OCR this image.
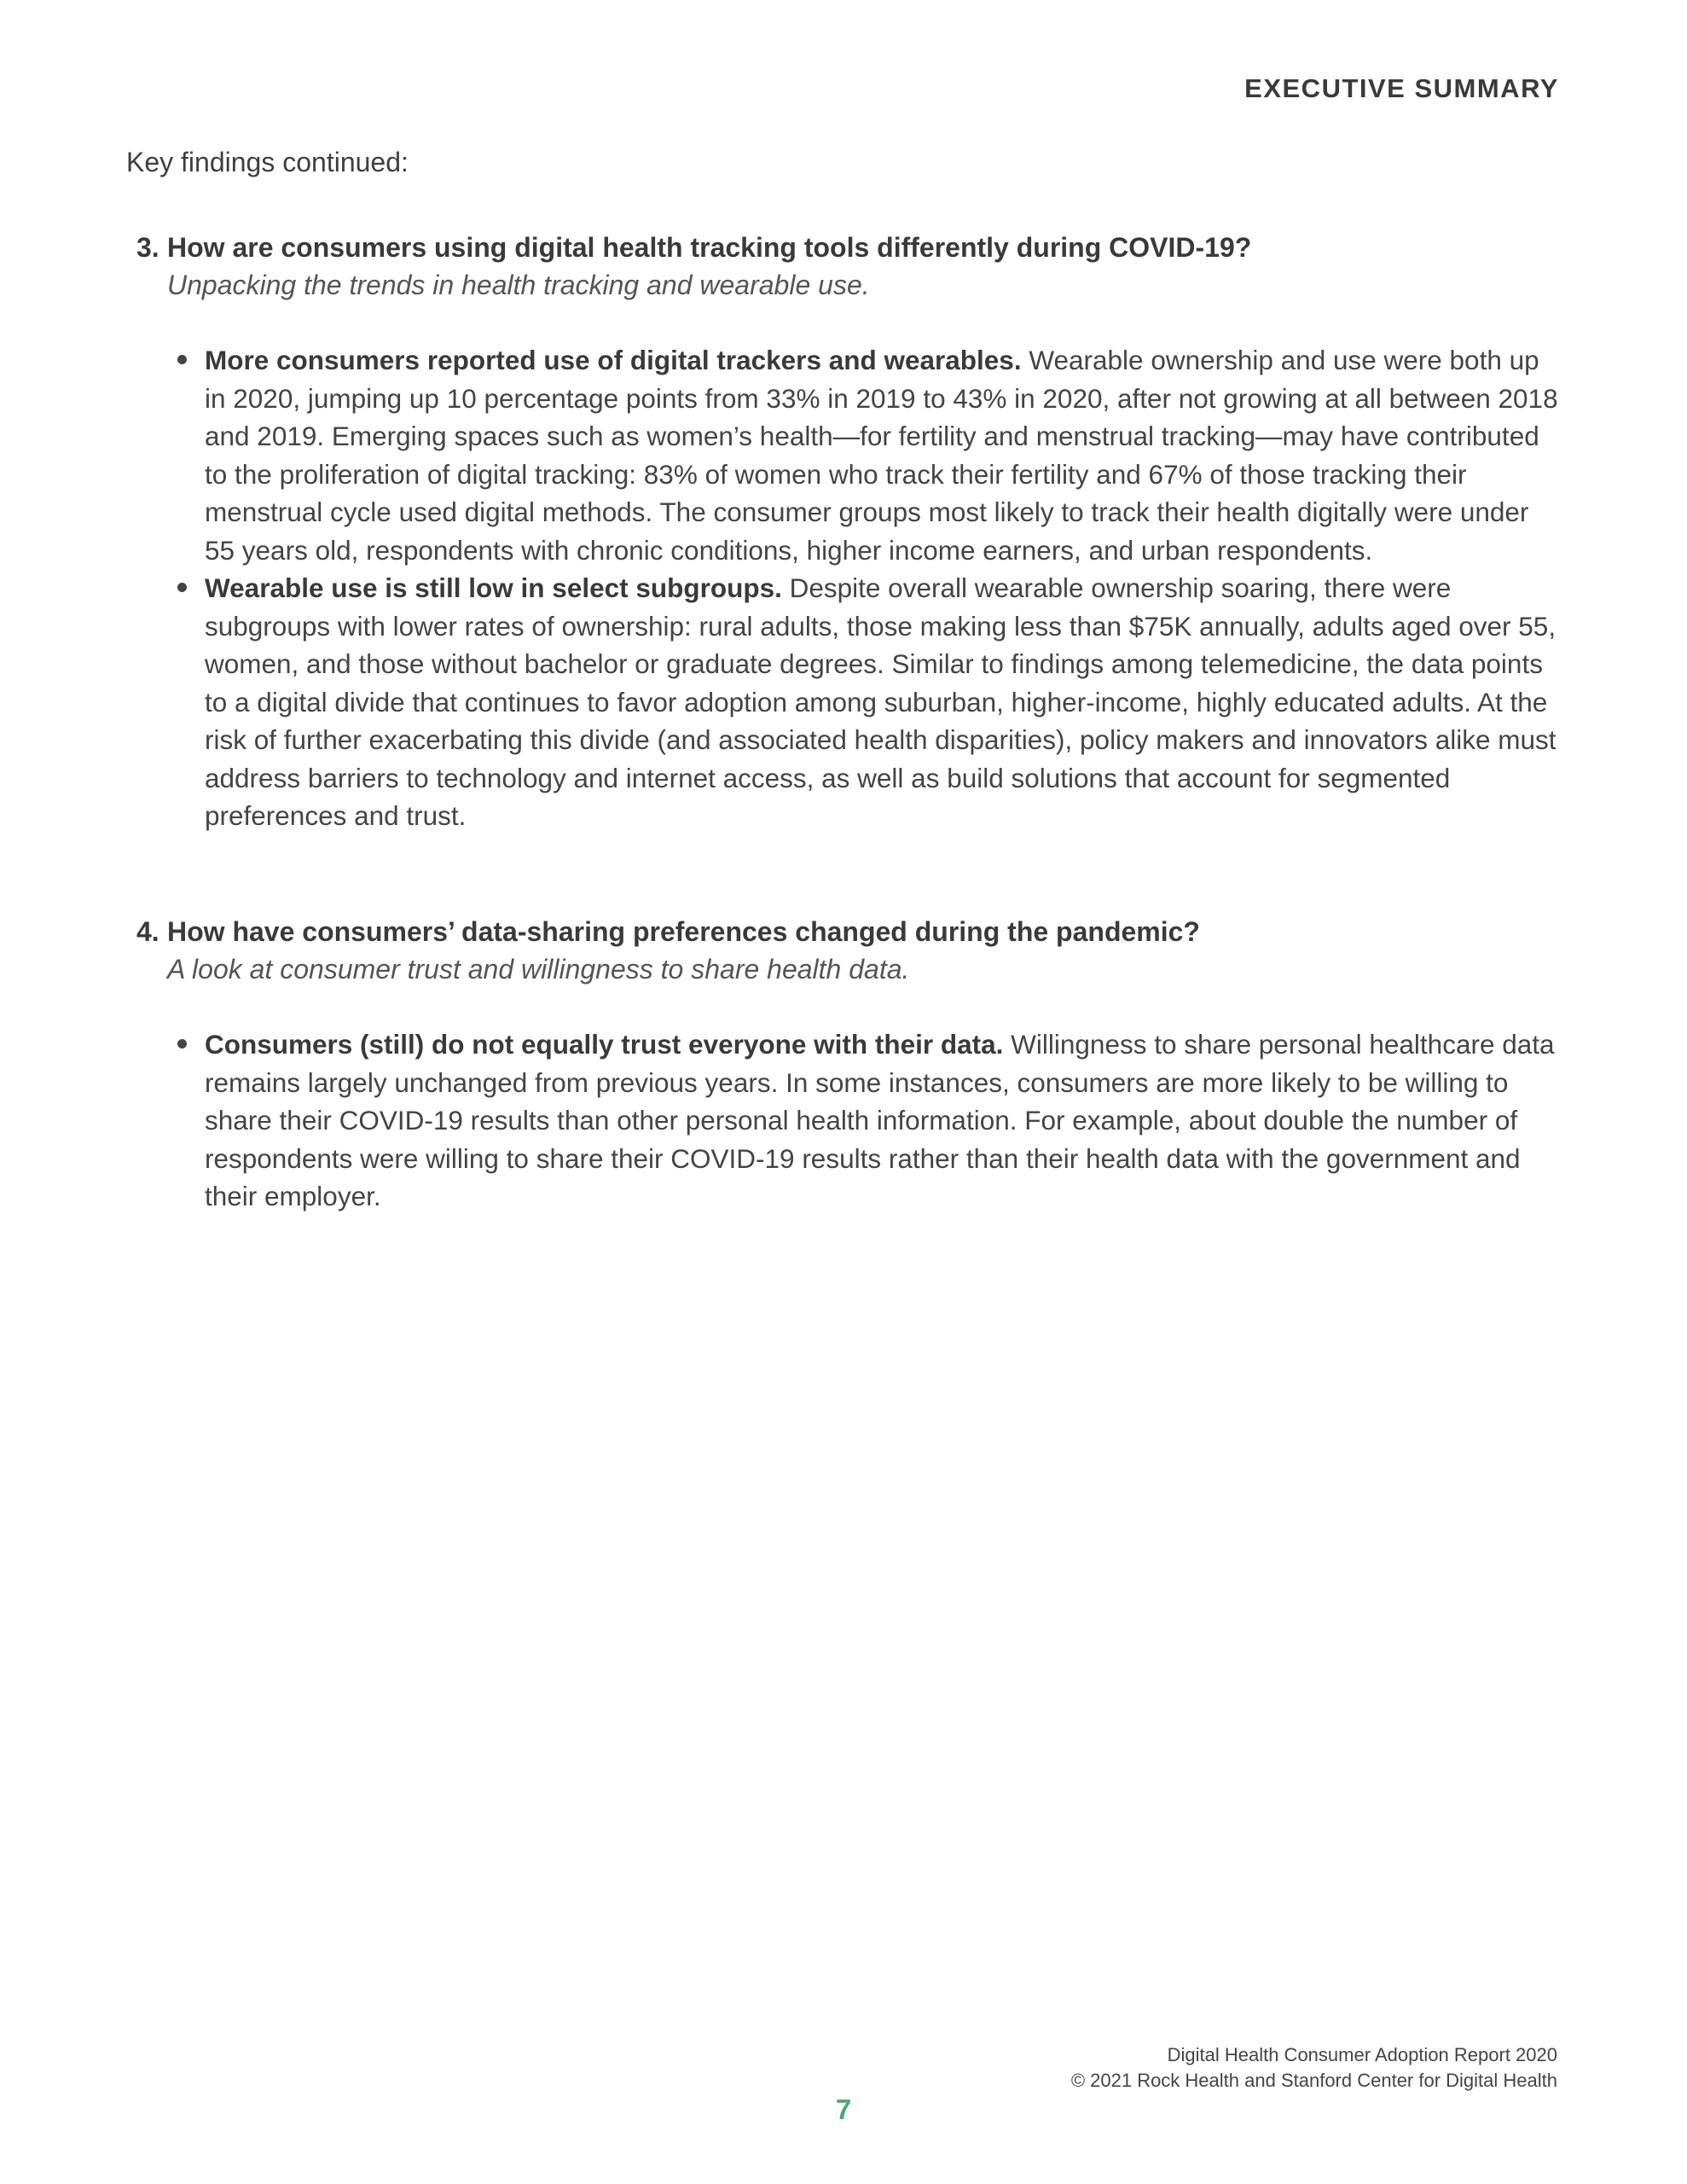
EXECUTIVE SUMMARY
Key findings continued:
3. How are consumers using digital health tracking tools differently during COVID-19?
Unpacking the trends in health tracking and wearable use.
More consumers reported use of digital trackers and wearables. Wearable ownership and use were both up in 2020, jumping up 10 percentage points from 33% in 2019 to 43% in 2020, after not growing at all between 2018 and 2019. Emerging spaces such as women’s health—for fertility and menstrual tracking—may have contributed to the proliferation of digital tracking: 83% of women who track their fertility and 67% of those tracking their menstrual cycle used digital methods. The consumer groups most likely to track their health digitally were under 55 years old, respondents with chronic conditions, higher income earners, and urban respondents.
Wearable use is still low in select subgroups. Despite overall wearable ownership soaring, there were subgroups with lower rates of ownership: rural adults, those making less than $75K annually, adults aged over 55, women, and those without bachelor or graduate degrees. Similar to findings among telemedicine, the data points to a digital divide that continues to favor adoption among suburban, higher-income, highly educated adults. At the risk of further exacerbating this divide (and associated health disparities), policy makers and innovators alike must address barriers to technology and internet access, as well as build solutions that account for segmented preferences and trust.
4. How have consumers’ data-sharing preferences changed during the pandemic?
A look at consumer trust and willingness to share health data.
Consumers (still) do not equally trust everyone with their data. Willingness to share personal healthcare data remains largely unchanged from previous years. In some instances, consumers are more likely to be willing to share their COVID-19 results than other personal health information. For example, about double the number of respondents were willing to share their COVID-19 results rather than their health data with the government and their employer.
Digital Health Consumer Adoption Report 2020
© 2021 Rock Health and Stanford Center for Digital Health
7
